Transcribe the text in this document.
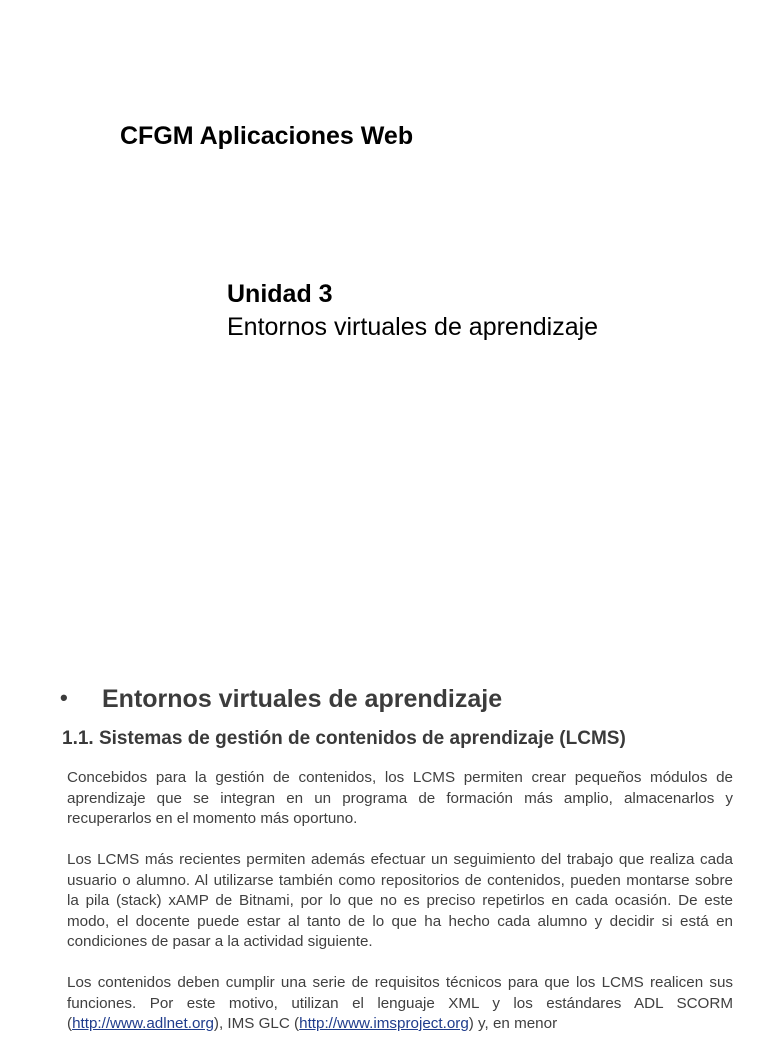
CFGM Aplicaciones Web
Unidad 3
Entornos virtuales de aprendizaje
• Entornos virtuales de aprendizaje
1.1. Sistemas de gestión de contenidos de aprendizaje (LCMS)

Concebidos para la gestión de contenidos, los LCMS permiten crear pequeños módulos de aprendizaje que se integran en un programa de formación más amplio, almacenarlos y recuperarlos en el momento más oportuno.

Los LCMS más recientes permiten además efectuar un seguimiento del trabajo que realiza cada usuario o alumno. Al utilizarse también como repositorios de contenidos, pueden montarse sobre la pila (stack) xAMP de Bitnami, por lo que no es preciso repetirlos en cada ocasión. De este modo, el docente puede estar al tanto de lo que ha hecho cada alumno y decidir si está en condiciones de pasar a la actividad siguiente.

Los contenidos deben cumplir una serie de requisitos técnicos para que los LCMS realicen sus funciones. Por este motivo, utilizan el lenguaje XML y los estándares ADL SCORM (http://www.adlnet.org), IMS GLC (http://www.imsproject.org) y, en menor
